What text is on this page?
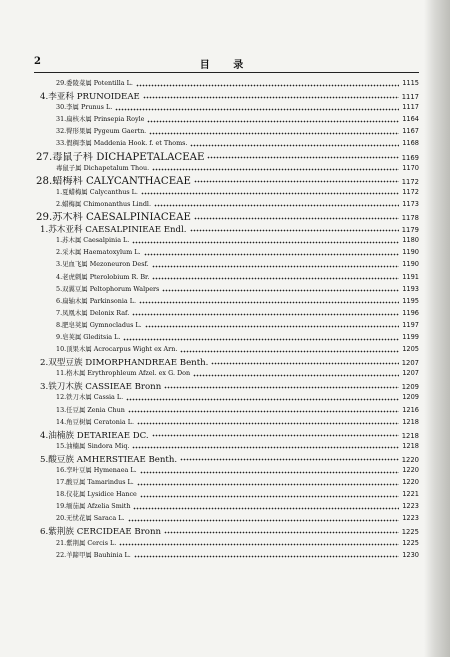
2	目 录
29.委陵菜属 Potentilla L.	1115
4.李亚科 PRUNOIDEAE	1117
30.李属 Prunus L.	1117
31.扁核木属 Prinsepia Royle	1164
32.臀形果属 Pygeum Gaertn.	1167
33.假稠李属 Maddenia Hook. f. et Thoms.	1168
27.毒鼠子科 DICHAPETALACEAE	1169
毒鼠子属 Dichapetalum Thou.	1170
28.蜡梅科 CALYCANTHACEAE	1172
1.夏蜡梅属 Calycanthus L.	1172
2.蜡梅属 Chimonanthus Lindl.	1173
29.苏木科 CAESALPINIACEAE	1178
1.苏木亚科 CAESALPINIEAE Endl.	1179
1.苏木属 Caesalpinia L.	1180
2.采木属 Haematoxylum L.	1190
3.见血飞属 Mezoneuron Desf.	1190
4.老虎刺属 Pterolobium R. Br.	1191
5.双翼豆属 Peltophorum Walpers	1193
6.扁轴木属 Parkinsonia L.	1195
7.凤凰木属 Delonix Raf.	1196
8.肥皂荚属 Gymnocladus L.	1197
9.皂荚属 Gleditsia L.	1199
10.顶果木属 Acrocarpus Wight ex Arn.	1205
2.双型豆族 DIMORPHANDREAE Benth.	1207
11.格木属 Erythrophleum Afzel. ex G. Don	1207
3.铁刀木族 CASSIEAE Bronn	1209
12.铁刀木属 Cassia L.	1209
13.任豆属 Zenia Chun	1216
14.角豆树属 Ceratonia L.	1218
4.油楠族 DETARIEAE DC.	1218
15.油楠属 Sindora Miq.	1218
5.酸豆族 AMHERSTIEAE Benth.	1220
16.孪叶豆属 Hymenaea L.	1220
17.酸豆属 Tamarindus L.	1220
18.仪花属 Lysidice Hance	1221
19.缅茄属 Afzelia Smith	1223
20.无忧花属 Saraca L.	1223
6.紫荆族 CERCIDEAE Bronn	1225
21.紫荆属 Cercis L.	1225
22.羊蹄甲属 Bauhinia L.	1230
